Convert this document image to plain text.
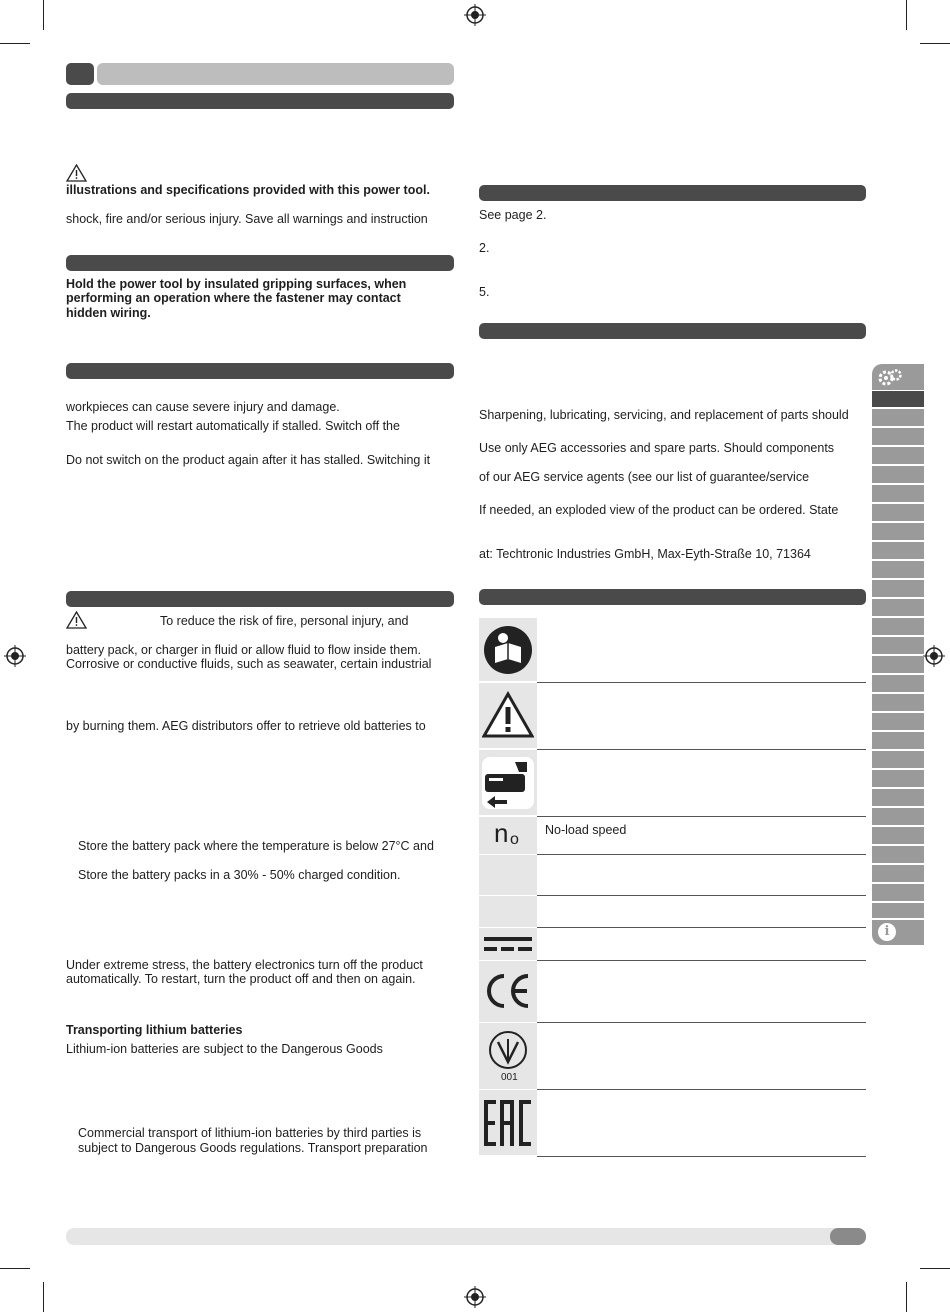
illustrations and specifications provided with this power tool.
shock, fire and/or serious injury. Save all warnings and instruction
Hold the power tool by insulated gripping surfaces, when
performing an operation where the fastener may contact
hidden wiring.
workpieces can cause severe injury and damage.
The product will restart automatically if stalled. Switch off the
Do not switch on the product again after it has stalled. Switching it
To reduce the risk of fire, personal injury, and
battery pack, or charger in fluid or allow fluid to flow inside them.
Corrosive or conductive fluids, such as seawater, certain industrial
by burning them. AEG distributors offer to retrieve old batteries to
Store the battery pack where the temperature is below 27°C and
Store the battery packs in a 30% - 50% charged condition.
Under extreme stress, the battery electronics turn off the product
automatically. To restart, turn the product off and then on again.
Transporting lithium batteries
Lithium-ion batteries are subject to the Dangerous Goods
Commercial transport of lithium-ion batteries by third parties is
subject to Dangerous Goods regulations. Transport preparation
See page 2.
2.
5.
Sharpening, lubricating, servicing, and replacement of parts should
Use only AEG accessories and spare parts. Should components
of our AEG service agents (see our list of guarantee/service
If needed, an exploded view of the product can be ordered. State
at: Techtronic Industries GmbH, Max-Eyth-Straße 10, 71364
n o
No-load speed
001
i
